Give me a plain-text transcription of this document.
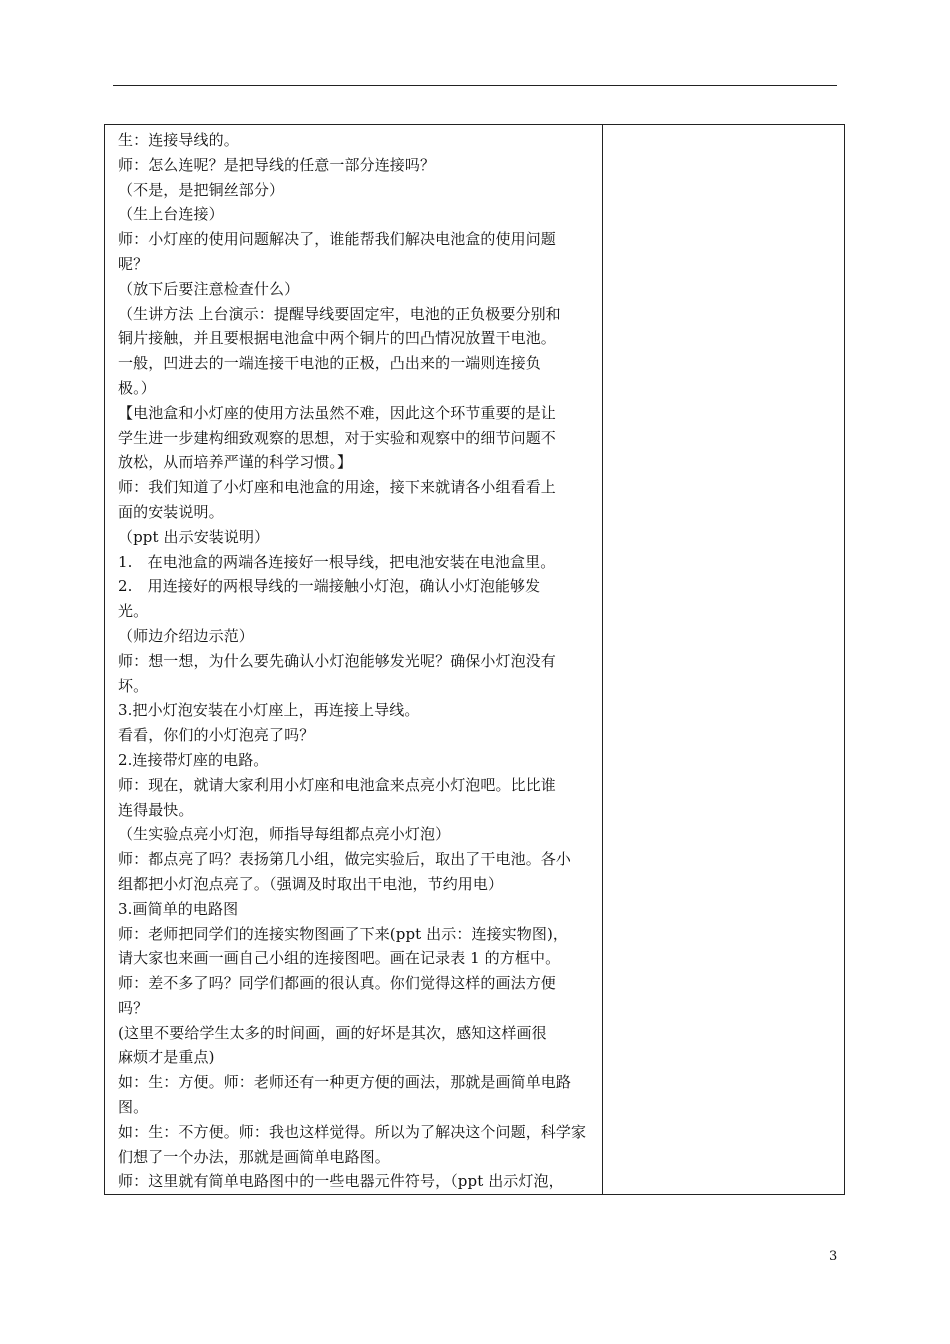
生：连接导线的。
师：怎么连呢？是把导线的任意一部分连接吗？
（不是，是把铜丝部分）
（生上台连接）
师：小灯座的使用问题解决了，谁能帮我们解决电池盒的使用问题
呢？
（放下后要注意检查什么）
（生讲方法 上台演示：提醒导线要固定牢，电池的正负极要分别和
铜片接触，并且要根据电池盒中两个铜片的凹凸情况放置干电池。
一般，凹进去的一端连接干电池的正极，凸出来的一端则连接负
极。）
【电池盒和小灯座的使用方法虽然不难，因此这个环节重要的是让
学生进一步建构细致观察的思想，对于实验和观察中的细节问题不
放松，从而培养严谨的科学习惯。】
师：我们知道了小灯座和电池盒的用途，接下来就请各小组看看上
面的安装说明。
（ppt 出示安装说明）
1.　在电池盒的两端各连接好一根导线，把电池安装在电池盒里。
2.　用连接好的两根导线的一端接触小灯泡，确认小灯泡能够发
光。
（师边介绍边示范）
师：想一想，为什么要先确认小灯泡能够发光呢？确保小灯泡没有
坏。
3.把小灯泡安装在小灯座上，再连接上导线。
看看，你们的小灯泡亮了吗？
2.连接带灯座的电路。
师：现在，就请大家利用小灯座和电池盒来点亮小灯泡吧。比比谁
连得最快。
（生实验点亮小灯泡，师指导每组都点亮小灯泡）
师：都点亮了吗？表扬第几小组，做完实验后，取出了干电池。各小
组都把小灯泡点亮了。（强调及时取出干电池，节约用电）
3.画简单的电路图
师：老师把同学们的连接实物图画了下来(ppt 出示：连接实物图)，
请大家也来画一画自己小组的连接图吧。画在记录表 1 的方框中。
师：差不多了吗？同学们都画的很认真。你们觉得这样的画法方便
吗？
(这里不要给学生太多的时间画，画的好坏是其次，感知这样画很
麻烦才是重点)
如：生：方便。师：老师还有一种更方便的画法，那就是画简单电路
图。
如：生：不方便。师：我也这样觉得。所以为了解决这个问题，科学家
们想了一个办法，那就是画简单电路图。
师：这里就有简单电路图中的一些电器元件符号，（ppt 出示灯泡，
3
